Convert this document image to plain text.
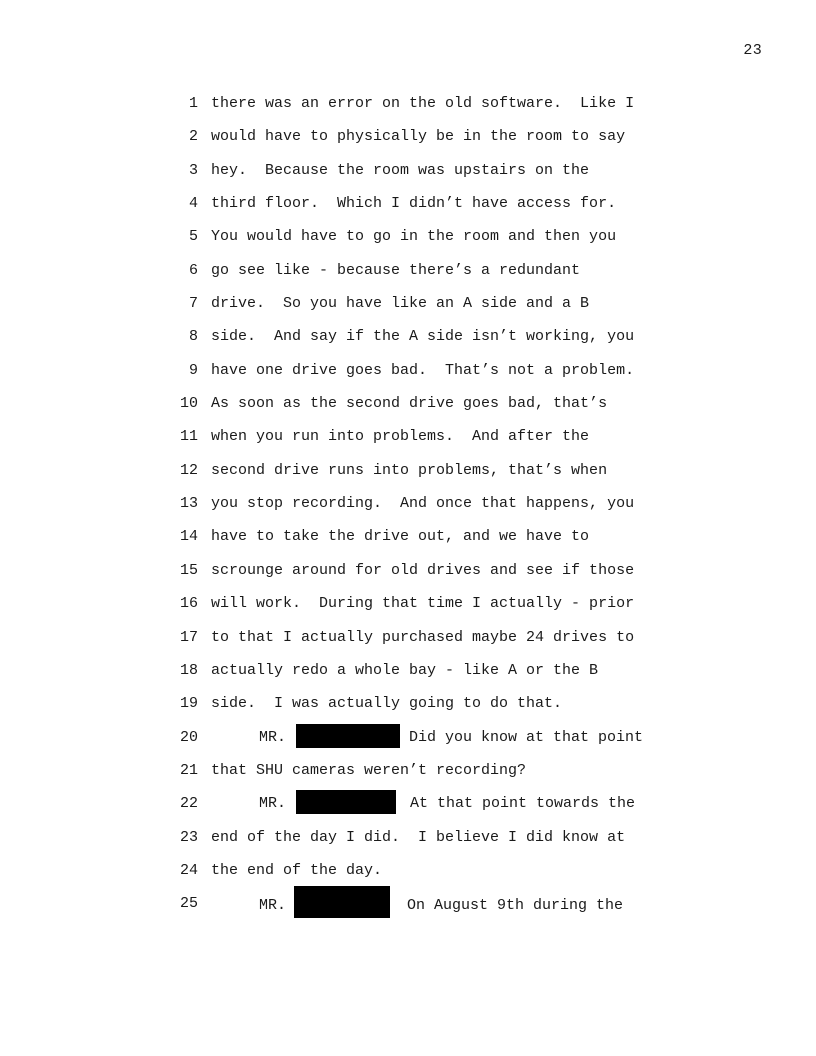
23
1 there was an error on the old software.  Like I
2 would have to physically be in the room to say
3 hey.  Because the room was upstairs on the
4 third floor.  Which I didn’t have access for.
5 You would have to go in the room and then you
6 go see like - because there’s a redundant
7 drive.  So you have like an A side and a B
8 side.  And say if the A side isn’t working, you
9 have one drive goes bad.  That’s not a problem.
10 As soon as the second drive goes bad, that’s
11 when you run into problems.  And after the
12 second drive runs into problems, that’s when
13 you stop recording.  And once that happens, you
14 have to take the drive out, and we have to
15 scrounge around for old drives and see if those
16 will work.  During that time I actually - prior
17 to that I actually purchased maybe 24 drives to
18 actually redo a whole bay - like A or the B
19 side.  I was actually going to do that.
20	MR.	Did you know at that point
21 that SHU cameras weren’t recording?
22	MR.	At that point towards the
23 end of the day I did.  I believe I did know at
24 the end of the day.
25	MR.	On August 9th during the
